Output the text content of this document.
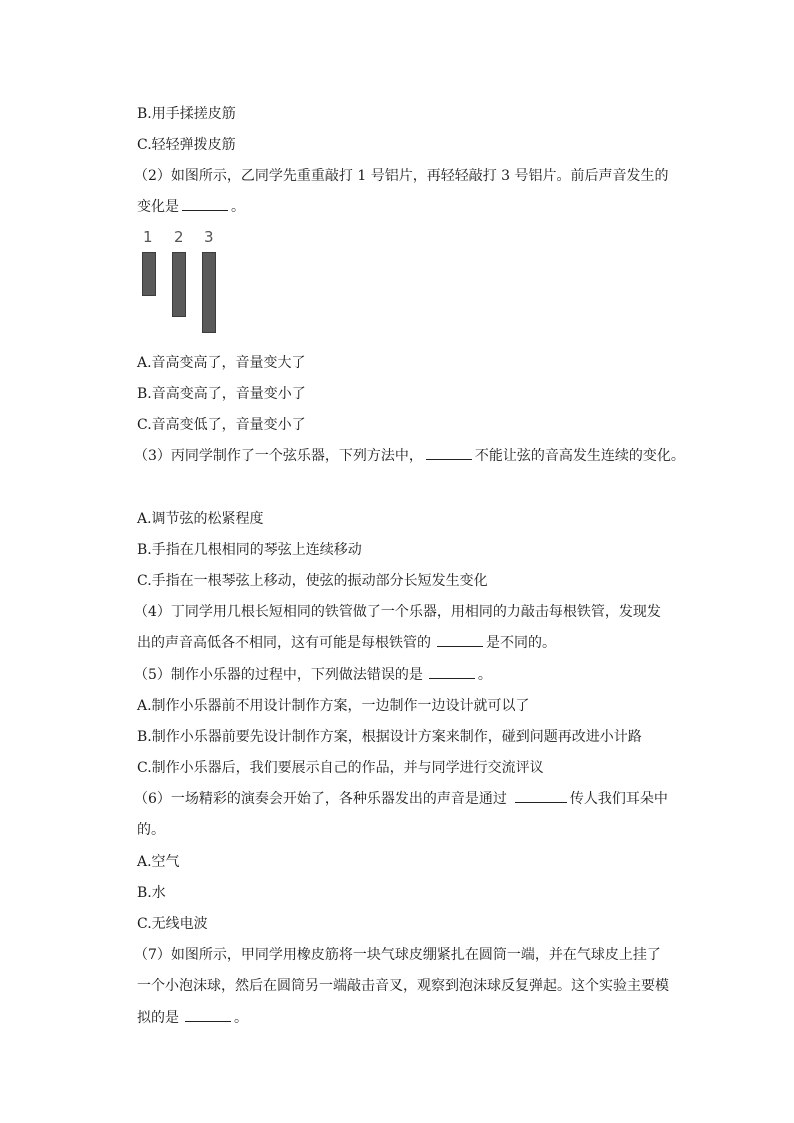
B.用手揉搓皮筋
C.轻轻弹拨皮筋
（2）如图所示，乙同学先重重敲打 1 号铝片，再轻轻敲打 3 号铝片。前后声音发生的
变化是	。
1 2 3
A.音高变高了，音量变大了
B.音高变高了，音量变小了
C.音高变低了，音量变小了
（3）丙同学制作了一个弦乐器，下列方法中，	不能让弦的音高发生连续的变化。
A.调节弦的松紧程度
B.手指在几根相同的琴弦上连续移动
C.手指在一根琴弦上移动，使弦的振动部分长短发生变化
（4）丁同学用几根长短相同的铁管做了一个乐器，用相同的力敲击每根铁管，发现发
出的声音高低各不相同，这有可能是每根铁管的	是不同的。
（5）制作小乐器的过程中，下列做法错误的是	。
A.制作小乐器前不用设计制作方案，一边制作一边设计就可以了
B.制作小乐器前要先设计制作方案，根据设计方案来制作，碰到问题再改进小计路
C.制作小乐器后，我们要展示自己的作品，并与同学进行交流评议
（6）一场精彩的演奏会开始了，各种乐器发出的声音是通过	传人我们耳朵中
的。
A.空气
B.水
C.无线电波
（7）如图所示，甲同学用橡皮筋将一块气球皮绷紧扎在圆筒一端，并在气球皮上挂了
一个小泡沫球，然后在圆筒另一端敲击音叉，观察到泡沫球反复弹起。这个实验主要模
拟的是	。
